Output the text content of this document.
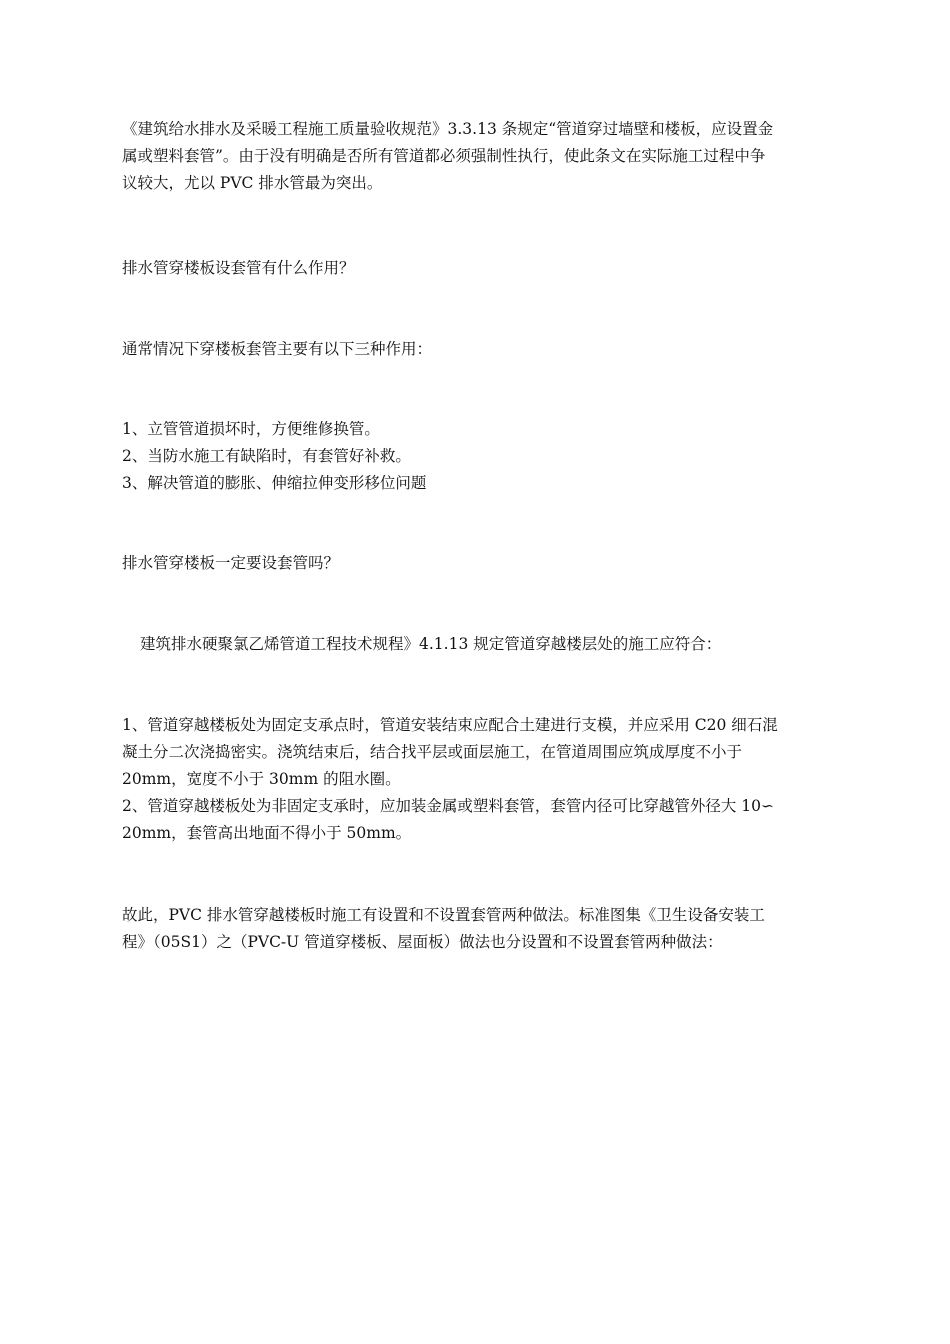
《建筑给水排水及采暖工程施工质量验收规范》3.3.13 条规定“管道穿过墙壁和楼板，应设置金
属或塑料套管”。由于没有明确是否所有管道都必须强制性执行，使此条文在实际施工过程中争
议较大，尤以 PVC 排水管最为突出。

排水管穿楼板设套管有什么作用？

通常情况下穿楼板套管主要有以下三种作用：

1、立管管道损坏时，方便维修换管。
2、当防水施工有缺陷时，有套管好补救。
3、解决管道的膨胀、伸缩拉伸变形移位问题

排水管穿楼板一定要设套管吗？

建筑排水硬聚氯乙烯管道工程技术规程》4.1.13 规定管道穿越楼层处的施工应符合：

1、管道穿越楼板处为固定支承点时，管道安装结束应配合土建进行支模，并应采用 C20 细石混
凝土分二次浇捣密实。浇筑结束后，结合找平层或面层施工，在管道周围应筑成厚度不小于
20mm，宽度不小于 30mm 的阻水圈。

2、管道穿越楼板处为非固定支承时，应加装金属或塑料套管，套管内径可比穿越管外径大 10∽
20mm，套管高出地面不得小于 50mm。

故此，PVC 排水管穿越楼板时施工有设置和不设置套管两种做法。标准图集《卫生设备安装工
程》（05S1）之（PVC-U 管道穿楼板、屋面板）做法也分设置和不设置套管两种做法：
